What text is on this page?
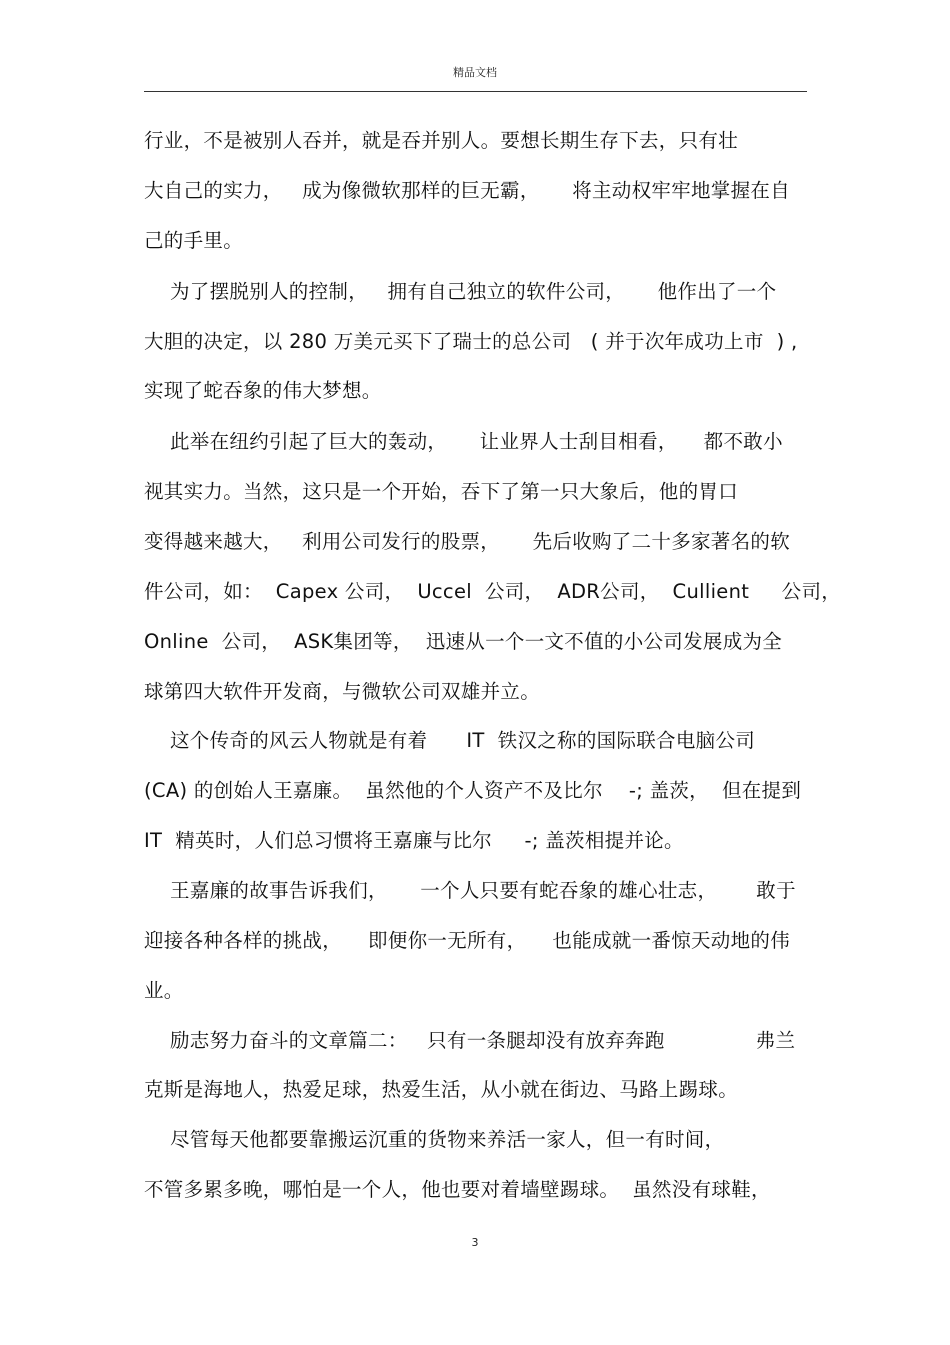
精品文档
行业，不是被别人吞并，就是吞并别人。要想长期生存下去，只有壮
大自己的实力，   成为像微软那样的巨无霸，     将主动权牢牢地掌握在自
己的手里。
为了摆脱别人的控制，   拥有自己独立的软件公司，     他作出了一个
大胆的决定，以 280 万美元买下了瑞士的总公司   ( 并于次年成功上市  ) ,
实现了蛇吞象的伟大梦想。
此举在纽约引起了巨大的轰动，     让业界人士刮目相看，    都不敢小
视其实力。当然，这只是一个开始，吞下了第一只大象后，他的胃口
变得越来越大，   利用公司发行的股票，     先后收购了二十多家著名的软
件公司，如：  Capex 公司，  Uccel  公司，  ADR公司，  Cullient     公司，
Online  公司，  ASK集团等，  迅速从一个一文不值的小公司发展成为全
球第四大软件开发商，与微软公司双雄并立。
这个传奇的风云人物就是有着      IT  铁汉之称的国际联合电脑公司
(CA) 的创始人王嘉廉。  虽然他的个人资产不及比尔    -; 盖茨，  但在提到
IT  精英时，人们总习惯将王嘉廉与比尔     -; 盖茨相提并论。
王嘉廉的故事告诉我们，     一个人只要有蛇吞象的雄心壮志，      敢于
迎接各种各样的挑战，    即便你一无所有，    也能成就一番惊天动地的伟
业。
励志努力奋斗的文章篇二：   只有一条腿却没有放弃奔跑              弗兰
克斯是海地人，热爱足球，热爱生活，从小就在街边、马路上踢球。
尽管每天他都要靠搬运沉重的货物来养活一家人，但一有时间，
不管多累多晚，哪怕是一个人，他也要对着墙壁踢球。  虽然没有球鞋，
3
